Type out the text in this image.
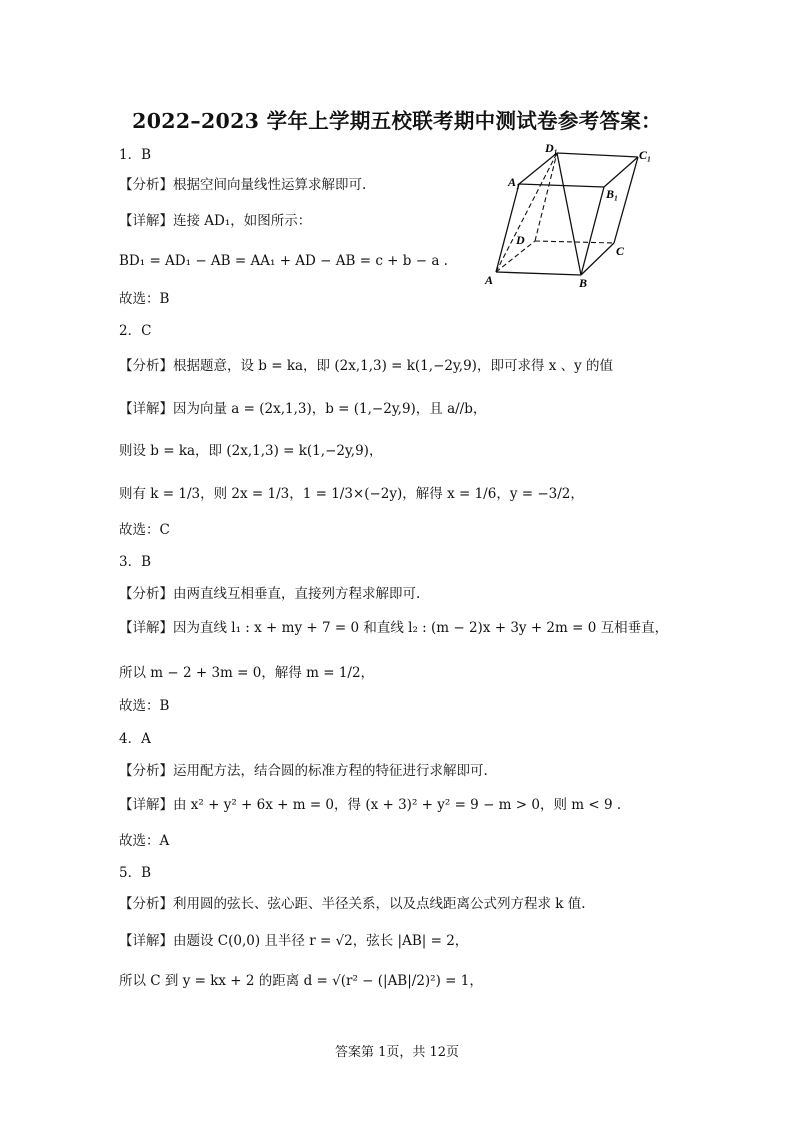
2022–2023 学年上学期五校联考期中测试卷参考答案：
D₁	C₁
A₁
B₁
D
C
A	B
1．B
【分析】根据空间向量线性运算求解即可.
【详解】连接 AD₁，如图所示：
BD₁ = AD₁ − AB = AA₁ + AD − AB = c + b − a .
故选：B
2．C
【分析】根据题意，设 b = ka，即 (2x,1,3) = k(1,−2y,9)，即可求得 x 、y 的值
【详解】因为向量 a = (2x,1,3)，b = (1,−2y,9)，且 a//b，
则设 b = ka，即 (2x,1,3) = k(1,−2y,9)，
则有 k = 1/3，则 2x = 1/3，1 = 1/3×(−2y)，解得 x = 1/6，y = −3/2，
故选：C
3．B
【分析】由两直线互相垂直，直接列方程求解即可.
【详解】因为直线 l₁ : x + my + 7 = 0 和直线 l₂ : (m − 2)x + 3y + 2m = 0 互相垂直，
所以 m − 2 + 3m = 0，解得 m = 1/2，
故选：B
4．A
【分析】运用配方法，结合圆的标准方程的特征进行求解即可.
【详解】由 x² + y² + 6x + m = 0，得 (x + 3)² + y² = 9 − m > 0，则 m < 9 .
故选：A
5．B
【分析】利用圆的弦长、弦心距、半径关系，以及点线距离公式列方程求 k 值.
【详解】由题设 C(0,0) 且半径 r = √2，弦长 |AB| = 2，
所以 C 到 y = kx + 2 的距离 d = √(r² − (|AB|/2)²) = 1，
答案第 1页，共 12页
